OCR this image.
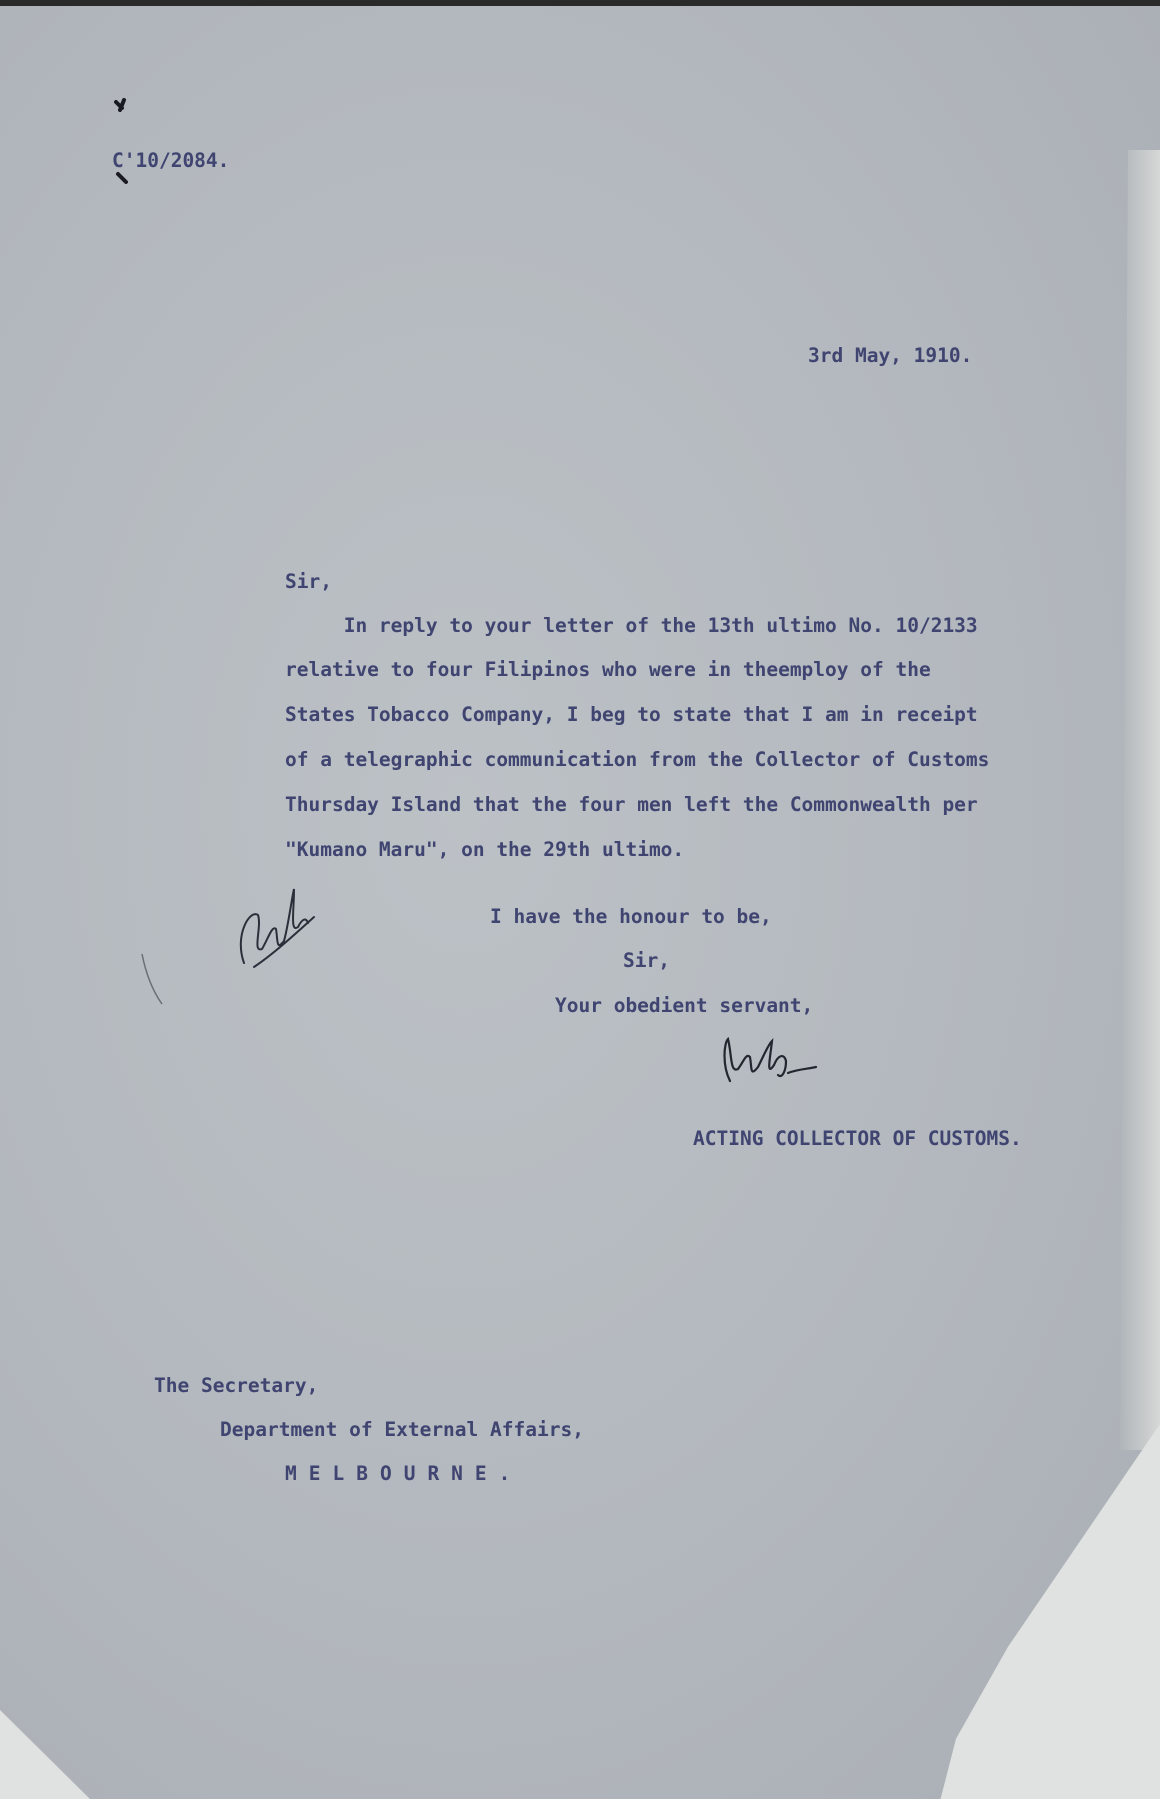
C'10/2084.

3rd May, 1910.

Sir,

In reply to your letter of the 13th ultimo No. 10/2133

relative to four Filipinos who were in theemploy of the

States Tobacco Company, I beg to state that I am in receipt

of a telegraphic communication from the Collector of Customs

Thursday Island that the four men left the Commonwealth per

"Kumano Maru", on the 29th ultimo.

I have the honour to be,

Sir,

Your obedient servant,

ACTING COLLECTOR OF CUSTOMS.

The Secretary,

Department of External Affairs,

MELBOURNE.
